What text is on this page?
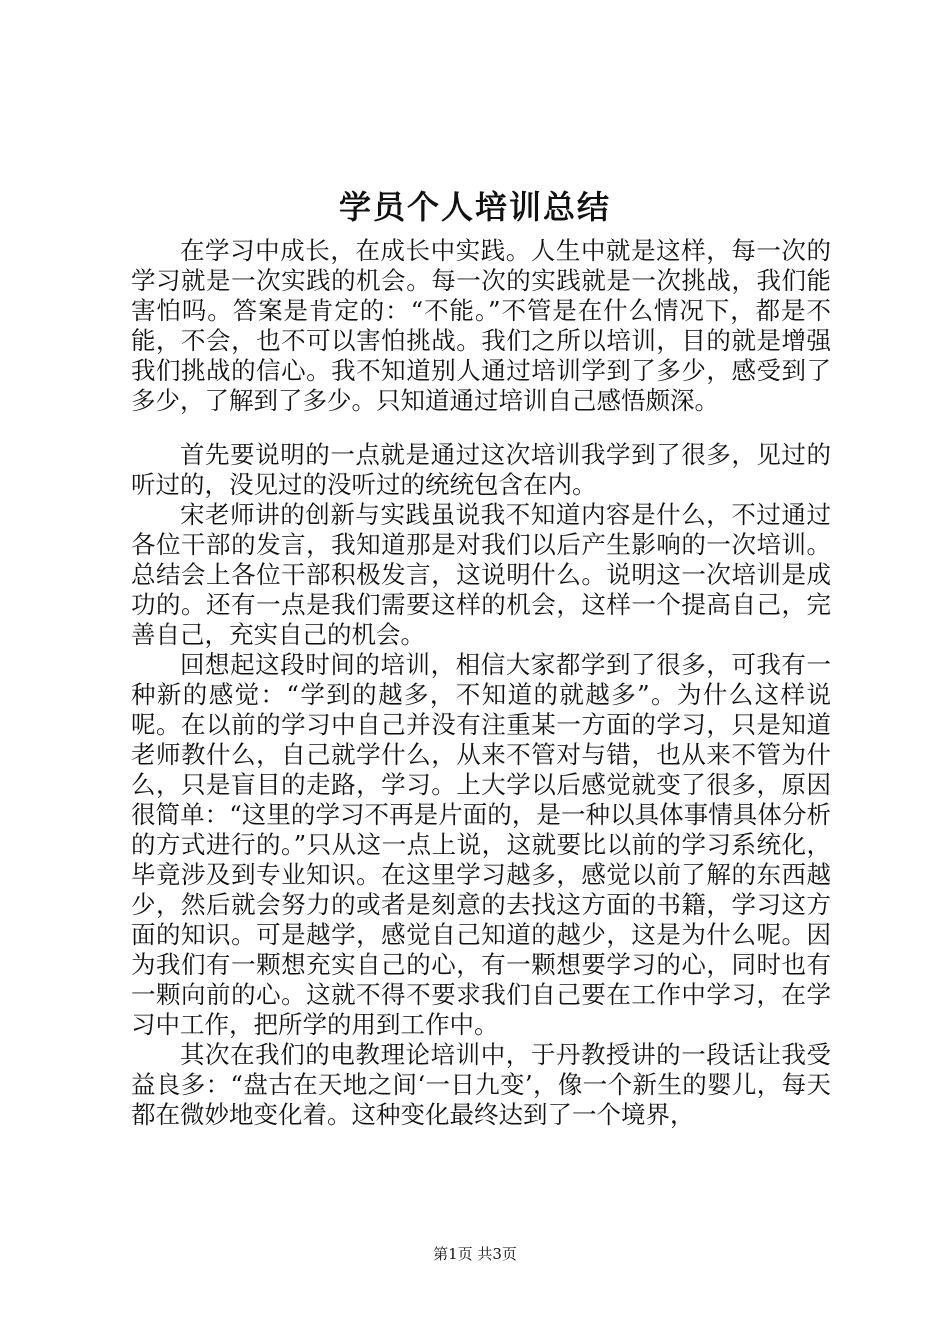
学员个人培训总结

在学习中成长，在成长中实践。人生中就是这样，每一次的学习就是一次实践的机会。每一次的实践就是一次挑战，我们能害怕吗。答案是肯定的：“不能。”不管是在什么情况下，都是不能，不会，也不可以害怕挑战。我们之所以培训，目的就是增强我们挑战的信心。我不知道别人通过培训学到了多少，感受到了多少，了解到了多少。只知道通过培训自己感悟颇深。

首先要说明的一点就是通过这次培训我学到了很多，见过的听过的，没见过的没听过的统统包含在内。

宋老师讲的创新与实践虽说我不知道内容是什么，不过通过各位干部的发言，我知道那是对我们以后产生影响的一次培训。总结会上各位干部积极发言，这说明什么。说明这一次培训是成功的。还有一点是我们需要这样的机会，这样一个提高自己，完善自己，充实自己的机会。

回想起这段时间的培训，相信大家都学到了很多，可我有一种新的感觉：“学到的越多，不知道的就越多”。为什么这样说呢。在以前的学习中自己并没有注重某一方面的学习，只是知道老师教什么，自己就学什么，从来不管对与错，也从来不管为什么，只是盲目的走路，学习。上大学以后感觉就变了很多，原因很简单：“这里的学习不再是片面的，是一种以具体事情具体分析的方式进行的。”只从这一点上说，这就要比以前的学习系统化，毕竟涉及到专业知识。在这里学习越多，感觉以前了解的东西越少，然后就会努力的或者是刻意的去找这方面的书籍，学习这方面的知识。可是越学，感觉自己知道的越少，这是为什么呢。因为我们有一颗想充实自己的心，有一颗想要学习的心，同时也有一颗向前的心。这就不得不要求我们自己要在工作中学习，在学习中工作，把所学的用到工作中。

其次在我们的电教理论培训中，于丹教授讲的一段话让我受益良多：“盘古在天地之间‘一日九变’，像一个新生的婴儿，每天都在微妙地变化着。这种变化最终达到了一个境界，

第1页 共3页
